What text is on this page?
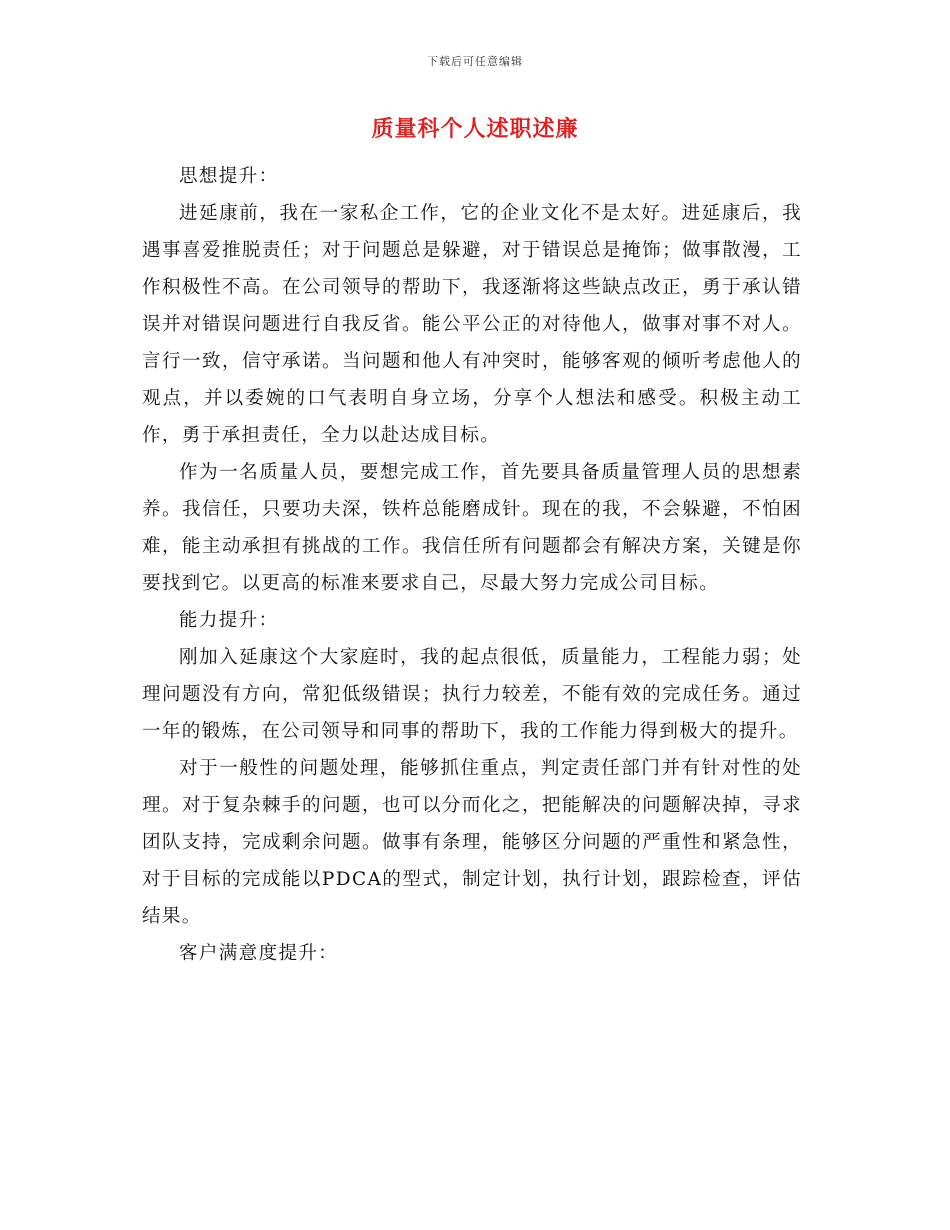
下载后可任意编辑
质量科个人述职述廉

思想提升：

进延康前，我在一家私企工作，它的企业文化不是太好。进延康后，我遇事喜爱推脱责任；对于问题总是躲避，对于错误总是掩饰；做事散漫，工作积极性不高。在公司领导的帮助下，我逐渐将这些缺点改正，勇于承认错误并对错误问题进行自我反省。能公平公正的对待他人，做事对事不对人。言行一致，信守承诺。当问题和他人有冲突时，能够客观的倾听考虑他人的观点，并以委婉的口气表明自身立场，分享个人想法和感受。积极主动工作，勇于承担责任，全力以赴达成目标。

作为一名质量人员，要想完成工作，首先要具备质量管理人员的思想素养。我信任，只要功夫深，铁杵总能磨成针。现在的我，不会躲避，不怕困难，能主动承担有挑战的工作。我信任所有问题都会有解决方案，关键是你要找到它。以更高的标准来要求自己，尽最大努力完成公司目标。

能力提升：

刚加入延康这个大家庭时，我的起点很低，质量能力，工程能力弱；处理问题没有方向，常犯低级错误；执行力较差，不能有效的完成任务。通过一年的锻炼，在公司领导和同事的帮助下，我的工作能力得到极大的提升。

对于一般性的问题处理，能够抓住重点，判定责任部门并有针对性的处理。对于复杂棘手的问题，也可以分而化之，把能解决的问题解决掉，寻求团队支持，完成剩余问题。做事有条理，能够区分问题的严重性和紧急性，对于目标的完成能以PDCA的型式，制定计划，执行计划，跟踪检查，评估结果。

客户满意度提升：
